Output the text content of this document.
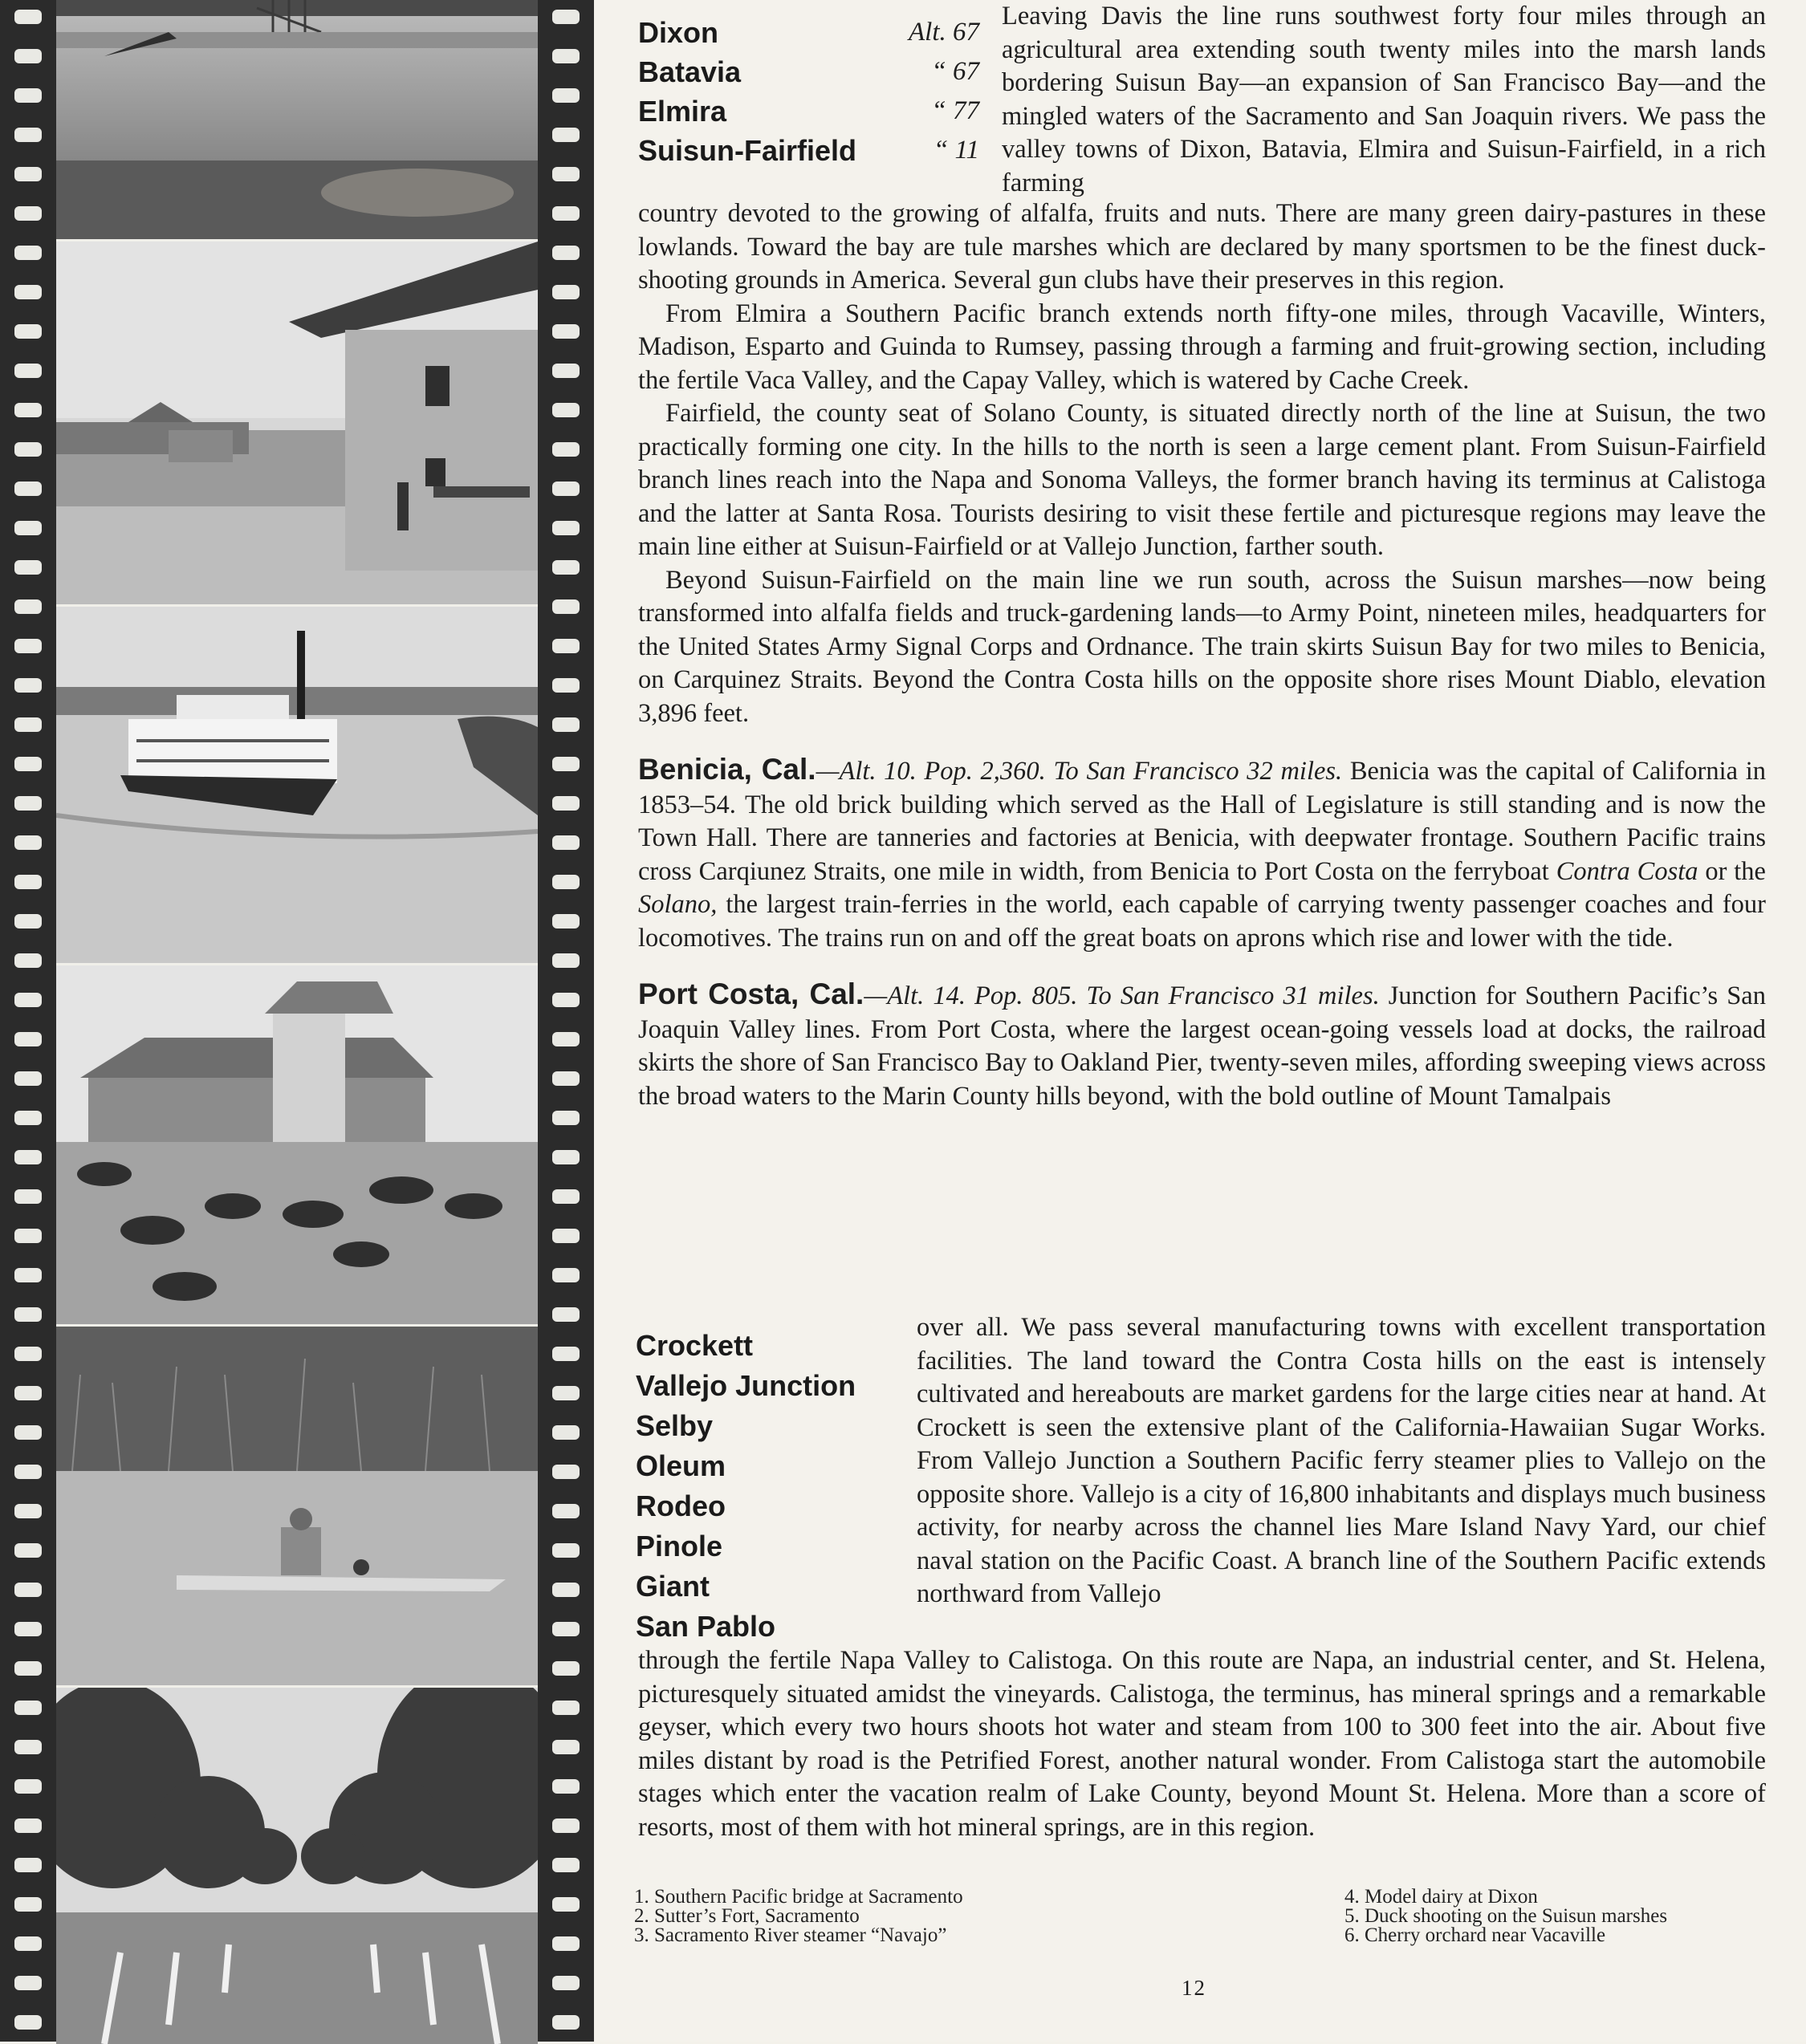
Dixon
Batavia
Elmira
Suisun-Fairfield
Alt. 67
“ 67
“ 77
“ 11

Leaving Davis the line runs southwest forty four miles through an agricultural area extending south twenty miles into the marsh lands bordering Suisun Bay—an expansion of San Francisco Bay—and the mingled waters of the Sacramento and San Joaquin rivers. We pass the valley towns of Dixon, Batavia, Elmira and Suisun-Fairfield, in a rich farming

country devoted to the growing of alfalfa, fruits and nuts. There are many green dairy-pastures in these lowlands. Toward the bay are tule marshes which are declared by many sportsmen to be the finest duck-shooting grounds in America. Several gun clubs have their preserves in this region.

From Elmira a Southern Pacific branch extends north fifty-one miles, through Vacaville, Winters, Madison, Esparto and Guinda to Rumsey, passing through a farming and fruit-growing section, including the fertile Vaca Valley, and the Capay Valley, which is watered by Cache Creek.

Fairfield, the county seat of Solano County, is situated directly north of the line at Suisun, the two practically forming one city. In the hills to the north is seen a large cement plant. From Suisun-Fairfield branch lines reach into the Napa and Sonoma Valleys, the former branch having its terminus at Calistoga and the latter at Santa Rosa. Tourists desiring to visit these fertile and picturesque regions may leave the main line either at Suisun-Fairfield or at Vallejo Junction, farther south.

Beyond Suisun-Fairfield on the main line we run south, across the Suisun marshes—now being transformed into alfalfa fields and truck-gardening lands—to Army Point, nineteen miles, headquarters for the United States Army Signal Corps and Ordnance. The train skirts Suisun Bay for two miles to Benicia, on Carquinez Straits. Beyond the Contra Costa hills on the opposite shore rises Mount Diablo, elevation 3,896 feet.

Benicia, Cal.—Alt. 10. Pop. 2,360. To San Francisco 32 miles. Benicia was the capital of California in 1853–54. The old brick building which served as the Hall of Legislature is still standing and is now the Town Hall. There are tanneries and factories at Benicia, with deepwater frontage. Southern Pacific trains cross Carqiunez Straits, one mile in width, from Benicia to Port Costa on the ferryboat Contra Costa or the Solano, the largest train-ferries in the world, each capable of carrying twenty passenger coaches and four locomotives. The trains run on and off the great boats on aprons which rise and lower with the tide.

Port Costa, Cal.—Alt. 14. Pop. 805. To San Francisco 31 miles. Junction for Southern Pacific’s San Joaquin Valley lines. From Port Costa, where the largest ocean-going vessels load at docks, the railroad skirts the shore of San Francisco Bay to Oakland Pier, twenty-seven miles, affording sweeping views across the broad waters to the Marin County hills beyond, with the bold outline of Mount Tamalpais

Crockett
Vallejo Junction
Selby
Oleum
Rodeo
Pinole
Giant
San Pablo

over all. We pass several manufacturing towns with excellent transportation facilities. The land toward the Contra Costa hills on the east is intensely cultivated and hereabouts are market gardens for the large cities near at hand. At Crockett is seen the extensive plant of the California-Hawaiian Sugar Works. From Vallejo Junction a Southern Pacific ferry steamer plies to Vallejo on the opposite shore. Vallejo is a city of 16,800 inhabitants and displays much business activity, for nearby across the channel lies Mare Island Navy Yard, our chief naval station on the Pacific Coast. A branch line of the Southern Pacific extends northward from Vallejo

through the fertile Napa Valley to Calistoga. On this route are Napa, an industrial center, and St. Helena, picturesquely situated amidst the vineyards. Calistoga, the terminus, has mineral springs and a remarkable geyser, which every two hours shoots hot water and steam from 100 to 300 feet into the air. About five miles distant by road is the Petrified Forest, another natural wonder. From Calistoga start the automobile stages which enter the vacation realm of Lake County, beyond Mount St. Helena. More than a score of resorts, most of them with hot mineral springs, are in this region.

1. Southern Pacific bridge at Sacramento
2. Sutter’s Fort, Sacramento
3. Sacramento River steamer “Navajo”
4. Model dairy at Dixon
5. Duck shooting on the Suisun marshes
6. Cherry orchard near Vacaville
12
